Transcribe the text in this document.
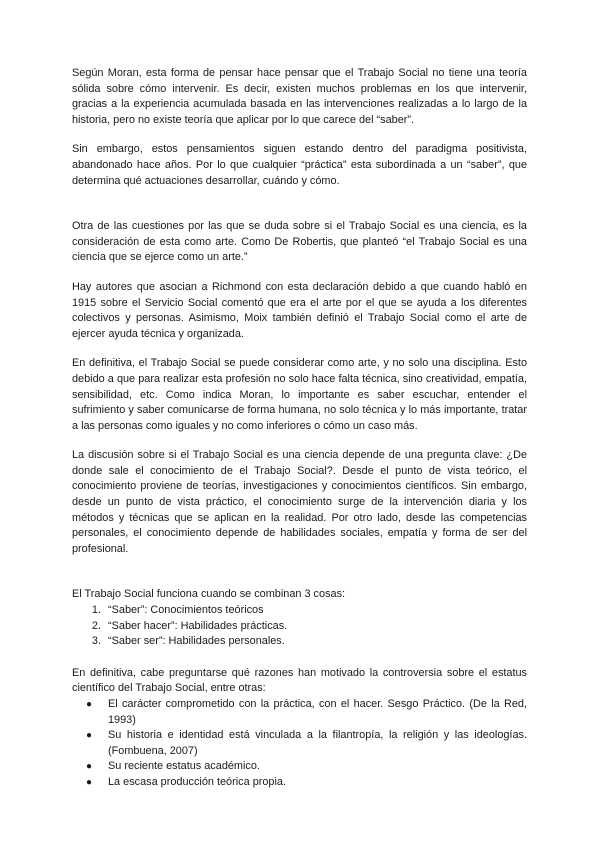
Según Moran, esta forma de pensar hace pensar que el Trabajo Social no tiene una teoría sólida sobre cómo intervenir. Es decir, existen muchos problemas en los que intervenir, gracias a la experiencia acumulada basada en las intervenciones realizadas a lo largo de la historia, pero no existe teoría que aplicar por lo que carece del “saber”.

Sin embargo, estos pensamientos siguen estando dentro del paradigma positivista, abandonado hace años. Por lo que cualquier “práctica” esta subordinada a un “saber”, que determina qué actuaciones desarrollar, cuándo y cómo.

Otra de las cuestiones por las que se duda sobre si el Trabajo Social es una ciencia, es la consideración de esta como arte. Como De Robertis, que planteó “el Trabajo Social es una ciencia que se ejerce como un arte.”

Hay autores que asocian a Richmond con esta declaración debido a que cuando habló en 1915 sobre el Servicio Social comentó que era el arte por el que se ayuda a los diferentes colectivos y personas. Asimismo, Moix también definió el Trabajo Social como el arte de ejercer ayuda técnica y organizada.

En definitiva, el Trabajo Social se puede considerar como arte, y no solo una disciplina. Esto debido a que para realizar esta profesión no solo hace falta técnica, sino creatividad, empatía, sensibilidad, etc. Como indica Moran, lo importante es saber escuchar, entender el sufrimiento y saber comunicarse de forma humana, no solo técnica y lo más importante, tratar a las personas como iguales y no como inferiores o cómo un caso más.

La discusión sobre si el Trabajo Social es una ciencia depende de una pregunta clave: ¿De donde sale el conocimiento de el Trabajo Social?. Desde el punto de vista teórico, el conocimiento proviene de teorías, investigaciones y conocimientos científicos. Sin embargo, desde un punto de vista práctico, el conocimiento surge de la intervención diaria y los métodos y técnicas que se aplican en la realidad. Por otro lado, desde las competencias personales, el conocimiento depende de habilidades sociales, empatía y forma de ser del profesional.

El Trabajo Social funciona cuando se combinan 3 cosas:

1. “Saber”: Conocimientos teóricos
2. “Saber hacer”: Habilidades prácticas.
3. “Saber ser”: Habilidades personales.

En definitiva, cabe preguntarse qué razones han motivado la controversia sobre el estatus científico del Trabajo Social, entre otras:

● El carácter comprometido con la práctica, con el hacer. Sesgo Práctico. (De la Red, 1993)
● Su historia e identidad está vinculada a la filantropía, la religión y las ideologías. (Fombuena, 2007)
● Su reciente estatus académico.
● La escasa producción teórica propia.
